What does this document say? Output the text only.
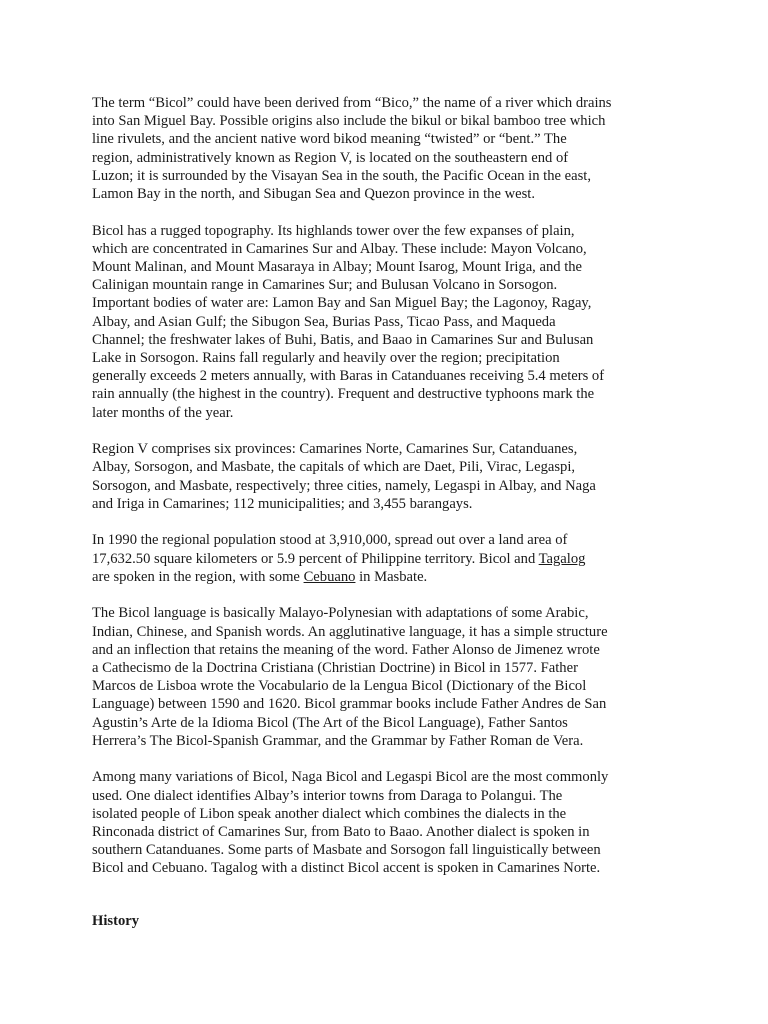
The term “Bicol” could have been derived from “Bico,” the name of a river which drains
into San Miguel Bay. Possible origins also include the bikul or bikal bamboo tree which
line rivulets, and the ancient native word bikod meaning “twisted” or “bent.” The
region, administratively known as Region V, is located on the southeastern end of
Luzon; it is surrounded by the Visayan Sea in the south, the Pacific Ocean in the east,
Lamon Bay in the north, and Sibugan Sea and Quezon province in the west.

Bicol has a rugged topography. Its highlands tower over the few expanses of plain,
which are concentrated in Camarines Sur and Albay. These include: Mayon Volcano,
Mount Malinan, and Mount Masaraya in Albay; Mount Isarog, Mount Iriga, and the
Calinigan mountain range in Camarines Sur; and Bulusan Volcano in Sorsogon.
Important bodies of water are: Lamon Bay and San Miguel Bay; the Lagonoy, Ragay,
Albay, and Asian Gulf; the Sibugon Sea, Burias Pass, Ticao Pass, and Maqueda
Channel; the freshwater lakes of Buhi, Batis, and Baao in Camarines Sur and Bulusan
Lake in Sorsogon. Rains fall regularly and heavily over the region; precipitation
generally exceeds 2 meters annually, with Baras in Catanduanes receiving 5.4 meters of
rain annually (the highest in the country). Frequent and destructive typhoons mark the
later months of the year.

Region V comprises six provinces: Camarines Norte, Camarines Sur, Catanduanes,
Albay, Sorsogon, and Masbate, the capitals of which are Daet, Pili, Virac, Legaspi,
Sorsogon, and Masbate, respectively; three cities, namely, Legaspi in Albay, and Naga
and Iriga in Camarines; 112 municipalities; and 3,455 barangays.

In 1990 the regional population stood at 3,910,000, spread out over a land area of
17,632.50 square kilometers or 5.9 percent of Philippine territory. Bicol and Tagalog
are spoken in the region, with some Cebuano in Masbate.

The Bicol language is basically Malayo-Polynesian with adaptations of some Arabic,
Indian, Chinese, and Spanish words. An agglutinative language, it has a simple structure
and an inflection that retains the meaning of the word. Father Alonso de Jimenez wrote
a Cathecismo de la Doctrina Cristiana (Christian Doctrine) in Bicol in 1577. Father
Marcos de Lisboa wrote the Vocabulario de la Lengua Bicol (Dictionary of the Bicol
Language) between 1590 and 1620. Bicol grammar books include Father Andres de San
Agustin’s Arte de la Idioma Bicol (The Art of the Bicol Language), Father Santos
Herrera’s The Bicol-Spanish Grammar, and the Grammar by Father Roman de Vera.

Among many variations of Bicol, Naga Bicol and Legaspi Bicol are the most commonly
used. One dialect identifies Albay’s interior towns from Daraga to Polangui. The
isolated people of Libon speak another dialect which combines the dialects in the
Rinconada district of Camarines Sur, from Bato to Baao. Another dialect is spoken in
southern Catanduanes. Some parts of Masbate and Sorsogon fall linguistically between
Bicol and Cebuano. Tagalog with a distinct Bicol accent is spoken in Camarines Norte.

History
